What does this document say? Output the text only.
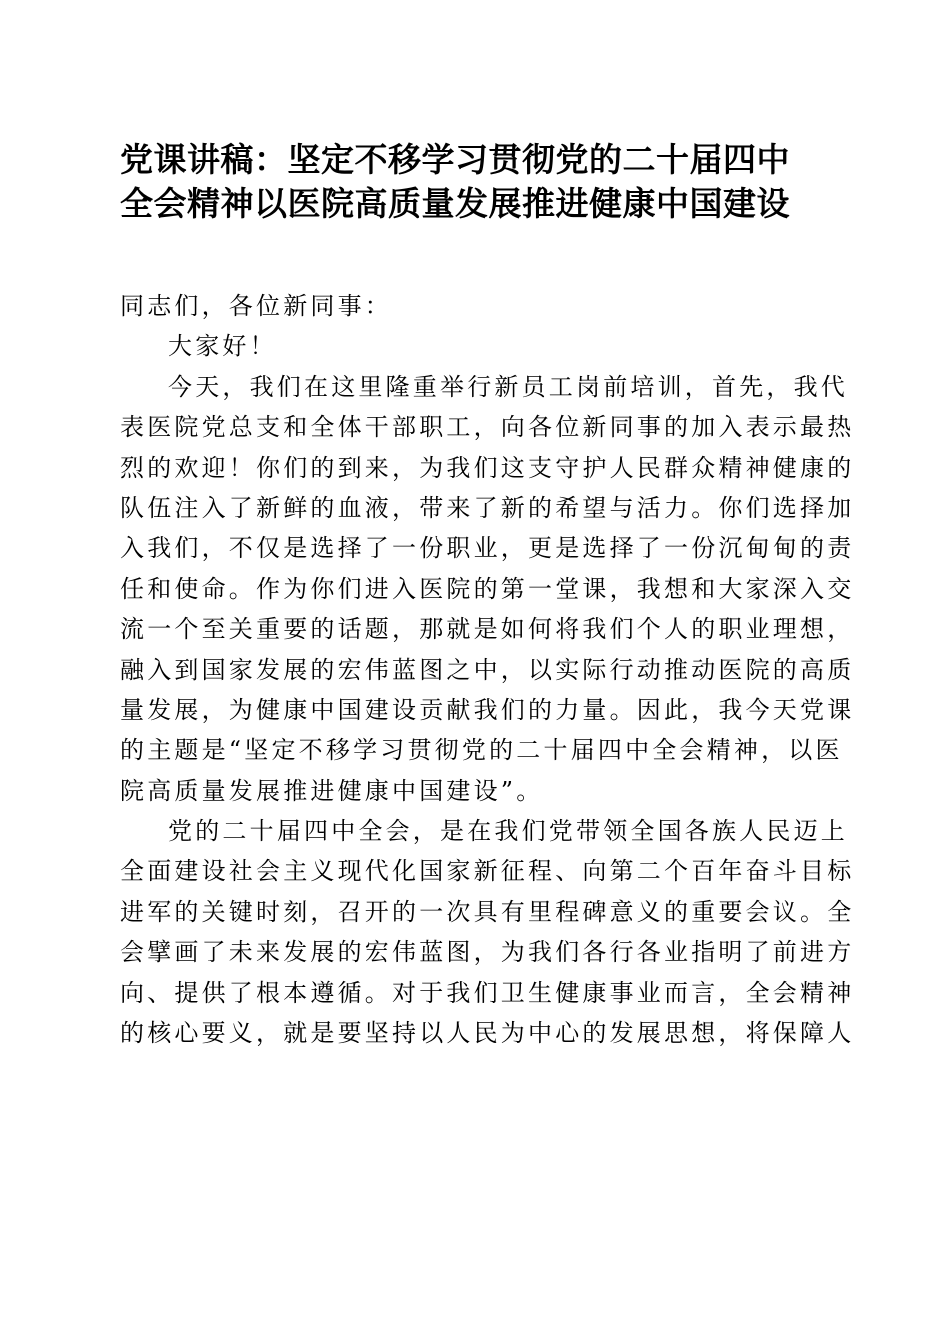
党课讲稿：坚定不移学习贯彻党的二十届四中
全会精神以医院高质量发展推进健康中国建设
同志们，各位新同事：
大家好！
今天，我们在这里隆重举行新员工岗前培训，首先，我代
表医院党总支和全体干部职工，向各位新同事的加入表示最热
烈的欢迎！你们的到来，为我们这支守护人民群众精神健康的
队伍注入了新鲜的血液，带来了新的希望与活力。你们选择加
入我们，不仅是选择了一份职业，更是选择了一份沉甸甸的责
任和使命。作为你们进入医院的第一堂课，我想和大家深入交
流一个至关重要的话题，那就是如何将我们个人的职业理想，
融入到国家发展的宏伟蓝图之中，以实际行动推动医院的高质
量发展，为健康中国建设贡献我们的力量。因此，我今天党课
的主题是“坚定不移学习贯彻党的二十届四中全会精神，以医
院高质量发展推进健康中国建设”。
党的二十届四中全会，是在我们党带领全国各族人民迈上
全面建设社会主义现代化国家新征程、向第二个百年奋斗目标
进军的关键时刻，召开的一次具有里程碑意义的重要会议。全
会擘画了未来发展的宏伟蓝图，为我们各行各业指明了前进方
向、提供了根本遵循。对于我们卫生健康事业而言，全会精神
的核心要义，就是要坚持以人民为中心的发展思想，将保障人
